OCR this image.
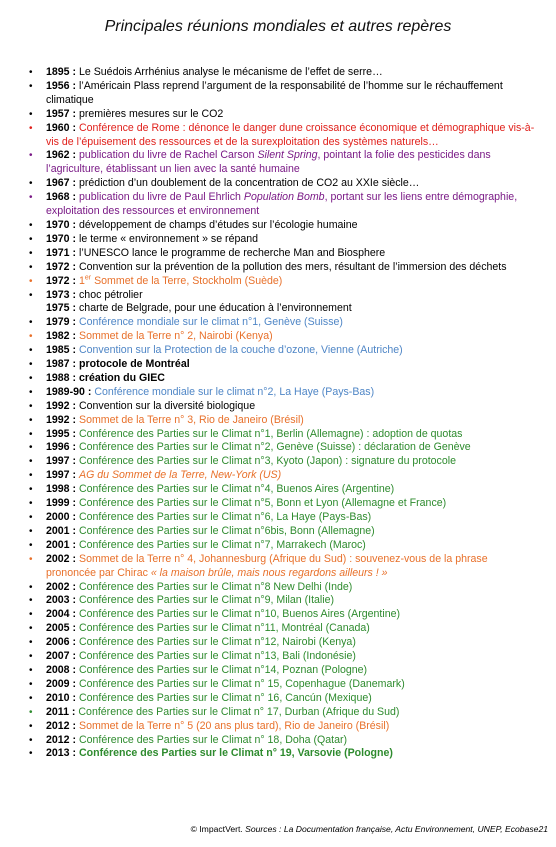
Principales réunions mondiales et autres repères
• 1895 : Le Suédois Arrhénius analyse le mécanisme de l’effet de serre…
• 1956 : l’Américain Plass reprend l’argument de la responsabilité de l’homme sur le réchauffement climatique
• 1957 : premières mesures sur le CO2
• 1960 : Conférence de Rome : dénonce le danger dune croissance économique et démographique vis-à-vis de l’épuisement des ressources et de la surexploitation des systèmes naturels…
• 1962 : publication du livre de Rachel Carson Silent Spring, pointant la folie des pesticides dans l’agriculture, établissant un lien avec la santé humaine
• 1967 : prédiction d’un doublement de la concentration de CO2 au XXIe siècle…
• 1968 : publication du livre de Paul Ehrlich Population Bomb, portant sur les liens entre démographie, exploitation des ressources et environnement
• 1970 : développement de champs d’études sur l’écologie humaine
• 1970 : le terme « environnement » se répand
• 1971 : l’UNESCO lance le programme de recherche Man and Biosphere
• 1972 : Convention sur la prévention de la pollution des mers, résultant de l’immersion des déchets
• 1972 : 1er Sommet de la Terre, Stockholm (Suède)
• 1973 : choc pétrolier
1975 : charte de Belgrade, pour une éducation à l’environnement
• 1979 : Conférence mondiale sur le climat n°1, Genève (Suisse)
• 1982 : Sommet de la Terre n° 2, Nairobi (Kenya)
• 1985 : Convention sur la Protection de la couche d’ozone, Vienne (Autriche)
• 1987 : protocole de Montréal
• 1988 : création du GIEC
• 1989-90 : Conférence mondiale sur le climat n°2, La Haye (Pays-Bas)
• 1992 : Convention sur la diversité biologique
• 1992 : Sommet de la Terre n° 3, Rio de Janeiro (Brésil)
• 1995 : Conférence des Parties sur le Climat n°1, Berlin (Allemagne) : adoption de quotas
• 1996 : Conférence des Parties sur le Climat n°2, Genève (Suisse) : déclaration de Genève
• 1997 : Conférence des Parties sur le Climat n°3, Kyoto (Japon) : signature du protocole
• 1997 : AG du Sommet de la Terre, New-York (US)
• 1998 : Conférence des Parties sur le Climat n°4, Buenos Aires (Argentine)
• 1999 : Conférence des Parties sur le Climat n°5, Bonn et Lyon (Allemagne et France)
• 2000 : Conférence des Parties sur le Climat n°6, La Haye (Pays-Bas)
• 2001 : Conférence des Parties sur le Climat n°6bis, Bonn (Allemagne)
• 2001 : Conférence des Parties sur le Climat n°7, Marrakech (Maroc)
• 2002 : Sommet de la Terre n° 4, Johannesburg (Afrique du Sud) : souvenez-vous de la phrase prononcée par Chirac « la maison brûle, mais nous regardons ailleurs ! »
• 2002 : Conférence des Parties sur le Climat n°8 New Delhi (Inde)
• 2003 : Conférence des Parties sur le Climat n°9, Milan (Italie)
• 2004 : Conférence des Parties sur le Climat n°10, Buenos Aires (Argentine)
• 2005 : Conférence des Parties sur le Climat n°11, Montréal (Canada)
• 2006 : Conférence des Parties sur le Climat n°12, Nairobi (Kenya)
• 2007 : Conférence des Parties sur le Climat n°13, Bali (Indonésie)
• 2008 : Conférence des Parties sur le Climat n°14, Poznan (Pologne)
• 2009 : Conférence des Parties sur le Climat n° 15, Copenhague (Danemark)
• 2010 : Conférence des Parties sur le Climat n° 16, Cancún (Mexique)
• 2011 : Conférence des Parties sur le Climat n° 17, Durban (Afrique du Sud)
• 2012 : Sommet de la Terre n° 5 (20 ans plus tard), Rio de Janeiro (Brésil)
• 2012 : Conférence des Parties sur le Climat n° 18, Doha (Qatar)
• 2013 : Conférence des Parties sur le Climat n° 19, Varsovie (Pologne)
© ImpactVert. Sources : La Documentation française, Actu Environnement, UNEP, Ecobase21
